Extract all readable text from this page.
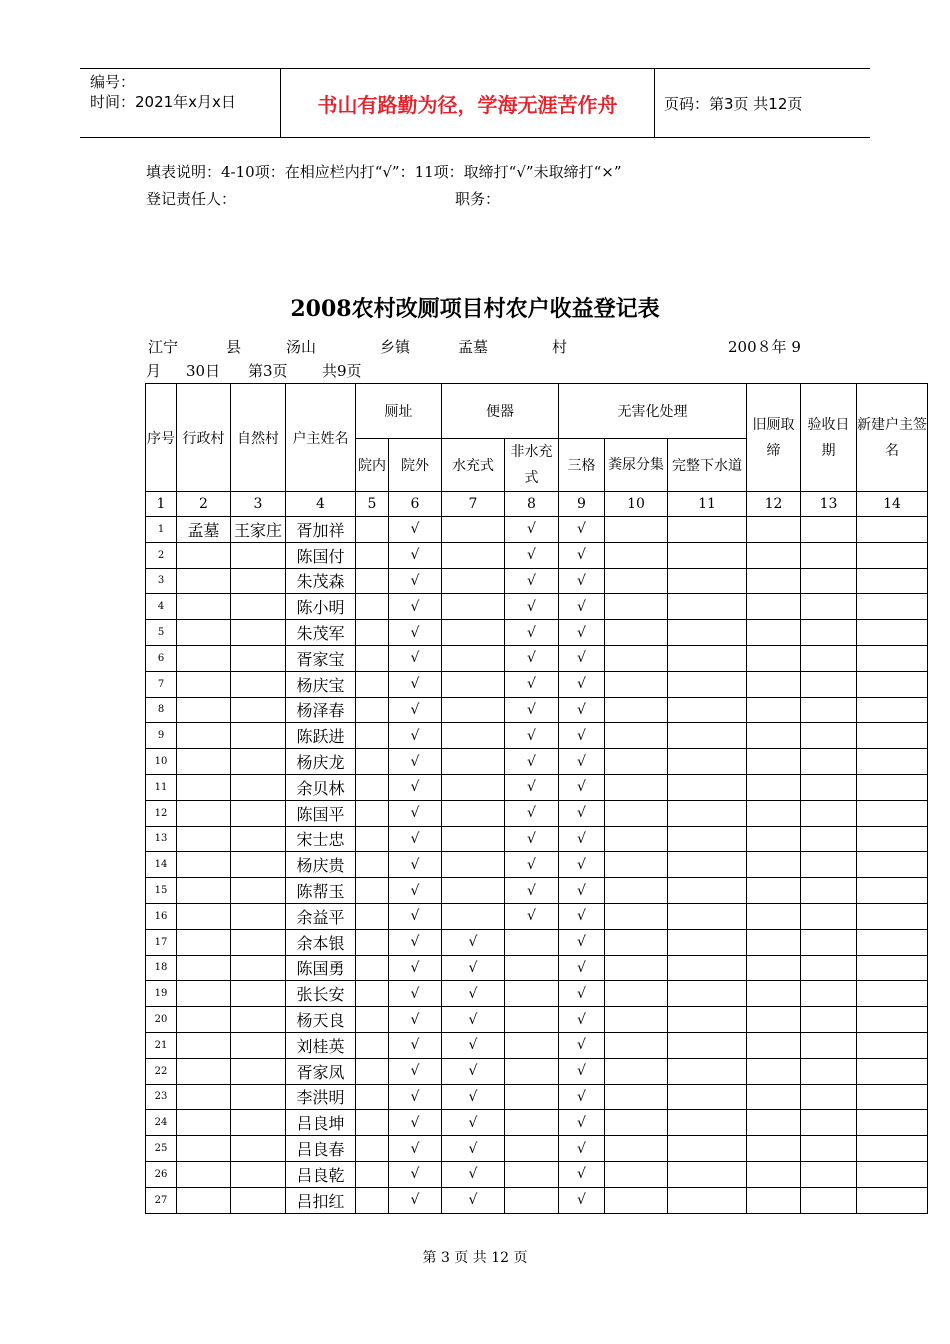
编号：
时间：2021年x月x日	书山有路勤为径，学海无涯苦作舟	页码：第3页 共12页
填表说明：4-10项：在相应栏内打“√”：11项：取缔打“√”未取缔打“×”
登记责任人：	职务：
2008农村改厕项目村农户收益登记表
江宁	县	汤山	乡镇	孟墓	村	200８年 9
月 30日 第3页 共9页
序号	行政村	自然村	户主姓名	厕址		便器		无害化处理			旧厕取缔	验收日期	新建户主签名
				院内	院外	水充式	非水充式	三格	粪尿分集	完整下水道			
1	2	3	4	5	6	7	8	9	10	11	12	13	14
1	孟墓	王家庄	胥加祥		√		√	√					
2			陈国付		√		√	√					
3			朱茂森		√		√	√					
4			陈小明		√		√	√					
5			朱茂军		√		√	√					
6			胥家宝		√		√	√					
7			杨庆宝		√		√	√					
8			杨泽春		√		√	√					
9			陈跃进		√		√	√					
10			杨庆龙		√		√	√					
11			余贝林		√		√	√					
12			陈国平		√		√	√					
13			宋士忠		√		√	√					
14			杨庆贵		√		√	√					
15			陈帮玉		√		√	√					
16			余益平		√		√	√					
17			余本银		√	√		√					
18			陈国勇		√	√		√					
19			张长安		√	√		√					
20			杨天良		√	√		√					
21			刘桂英		√	√		√					
22			胥家凤		√	√		√					
23			李洪明		√	√		√					
24			吕良坤		√	√		√					
25			吕良春		√	√		√					
26			吕良乾		√	√		√					
27			吕扣红		√	√		√					
第 3 页 共 12 页
